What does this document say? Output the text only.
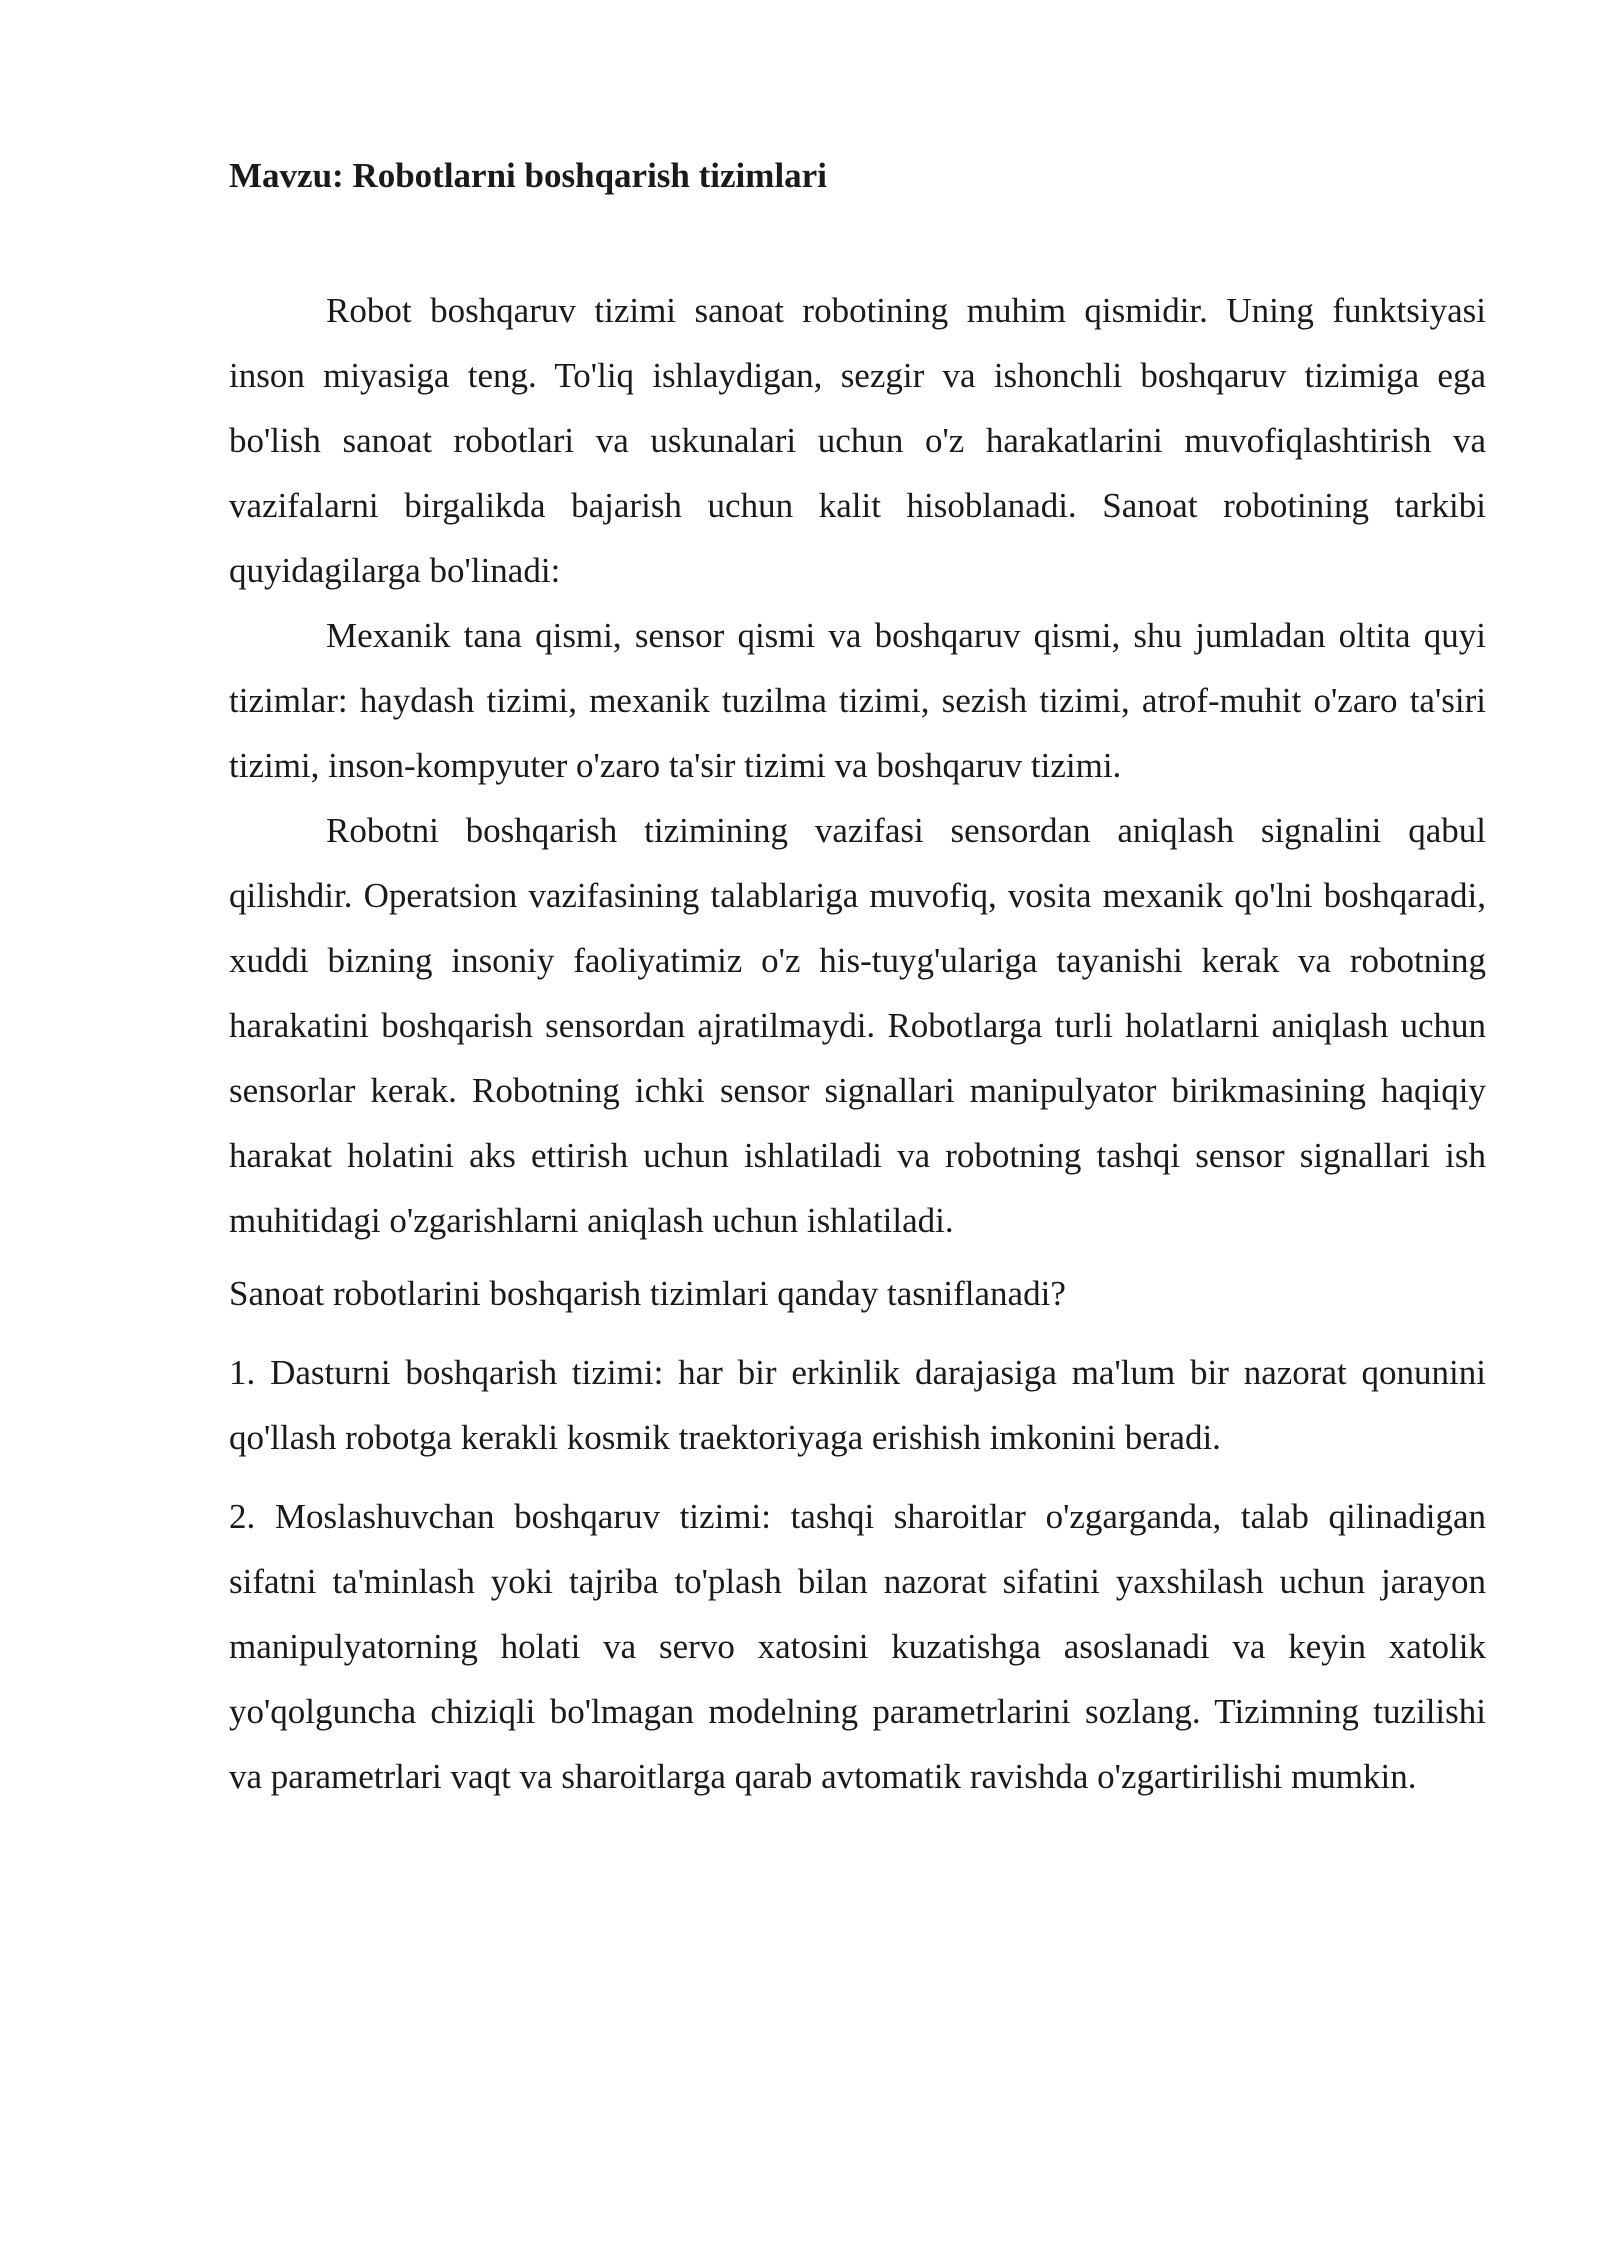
Mavzu: Robotlarni boshqarish tizimlari

Robot boshqaruv tizimi sanoat robotining muhim qismidir. Uning funktsiyasi inson miyasiga teng. To'liq ishlaydigan, sezgir va ishonchli boshqaruv tizimiga ega bo'lish sanoat robotlari va uskunalari uchun o'z harakatlarini muvofiqlashtirish va vazifalarni birgalikda bajarish uchun kalit hisoblanadi. Sanoat robotining tarkibi quyidagilarga bo'linadi:

Mexanik tana qismi, sensor qismi va boshqaruv qismi, shu jumladan oltita quyi tizimlar: haydash tizimi, mexanik tuzilma tizimi, sezish tizimi, atrof-muhit o'zaro ta'siri tizimi, inson-kompyuter o'zaro ta'sir tizimi va boshqaruv tizimi.

Robotni boshqarish tizimining vazifasi sensordan aniqlash signalini qabul qilishdir. Operatsion vazifasining talablariga muvofiq, vosita mexanik qo'lni boshqaradi, xuddi bizning insoniy faoliyatimiz o'z his-tuyg'ulariga tayanishi kerak va robotning harakatini boshqarish sensordan ajratilmaydi. Robotlarga turli holatlarni aniqlash uchun sensorlar kerak. Robotning ichki sensor signallari manipulyator birikmasining haqiqiy harakat holatini aks ettirish uchun ishlatiladi va robotning tashqi sensor signallari ish muhitidagi o'zgarishlarni aniqlash uchun ishlatiladi.

Sanoat robotlarini boshqarish tizimlari qanday tasniflanadi?

1. Dasturni boshqarish tizimi: har bir erkinlik darajasiga ma'lum bir nazorat qonunini qo'llash robotga kerakli kosmik traektoriyaga erishish imkonini beradi.

2. Moslashuvchan boshqaruv tizimi: tashqi sharoitlar o'zgarganda, talab qilinadigan sifatni ta'minlash yoki tajriba to'plash bilan nazorat sifatini yaxshilash uchun jarayon manipulyatorning holati va servo xatosini kuzatishga asoslanadi va keyin xatolik yo'qolguncha chiziqli bo'lmagan modelning parametrlarini sozlang. Tizimning tuzilishi va parametrlari vaqt va sharoitlarga qarab avtomatik ravishda o'zgartirilishi mumkin.
